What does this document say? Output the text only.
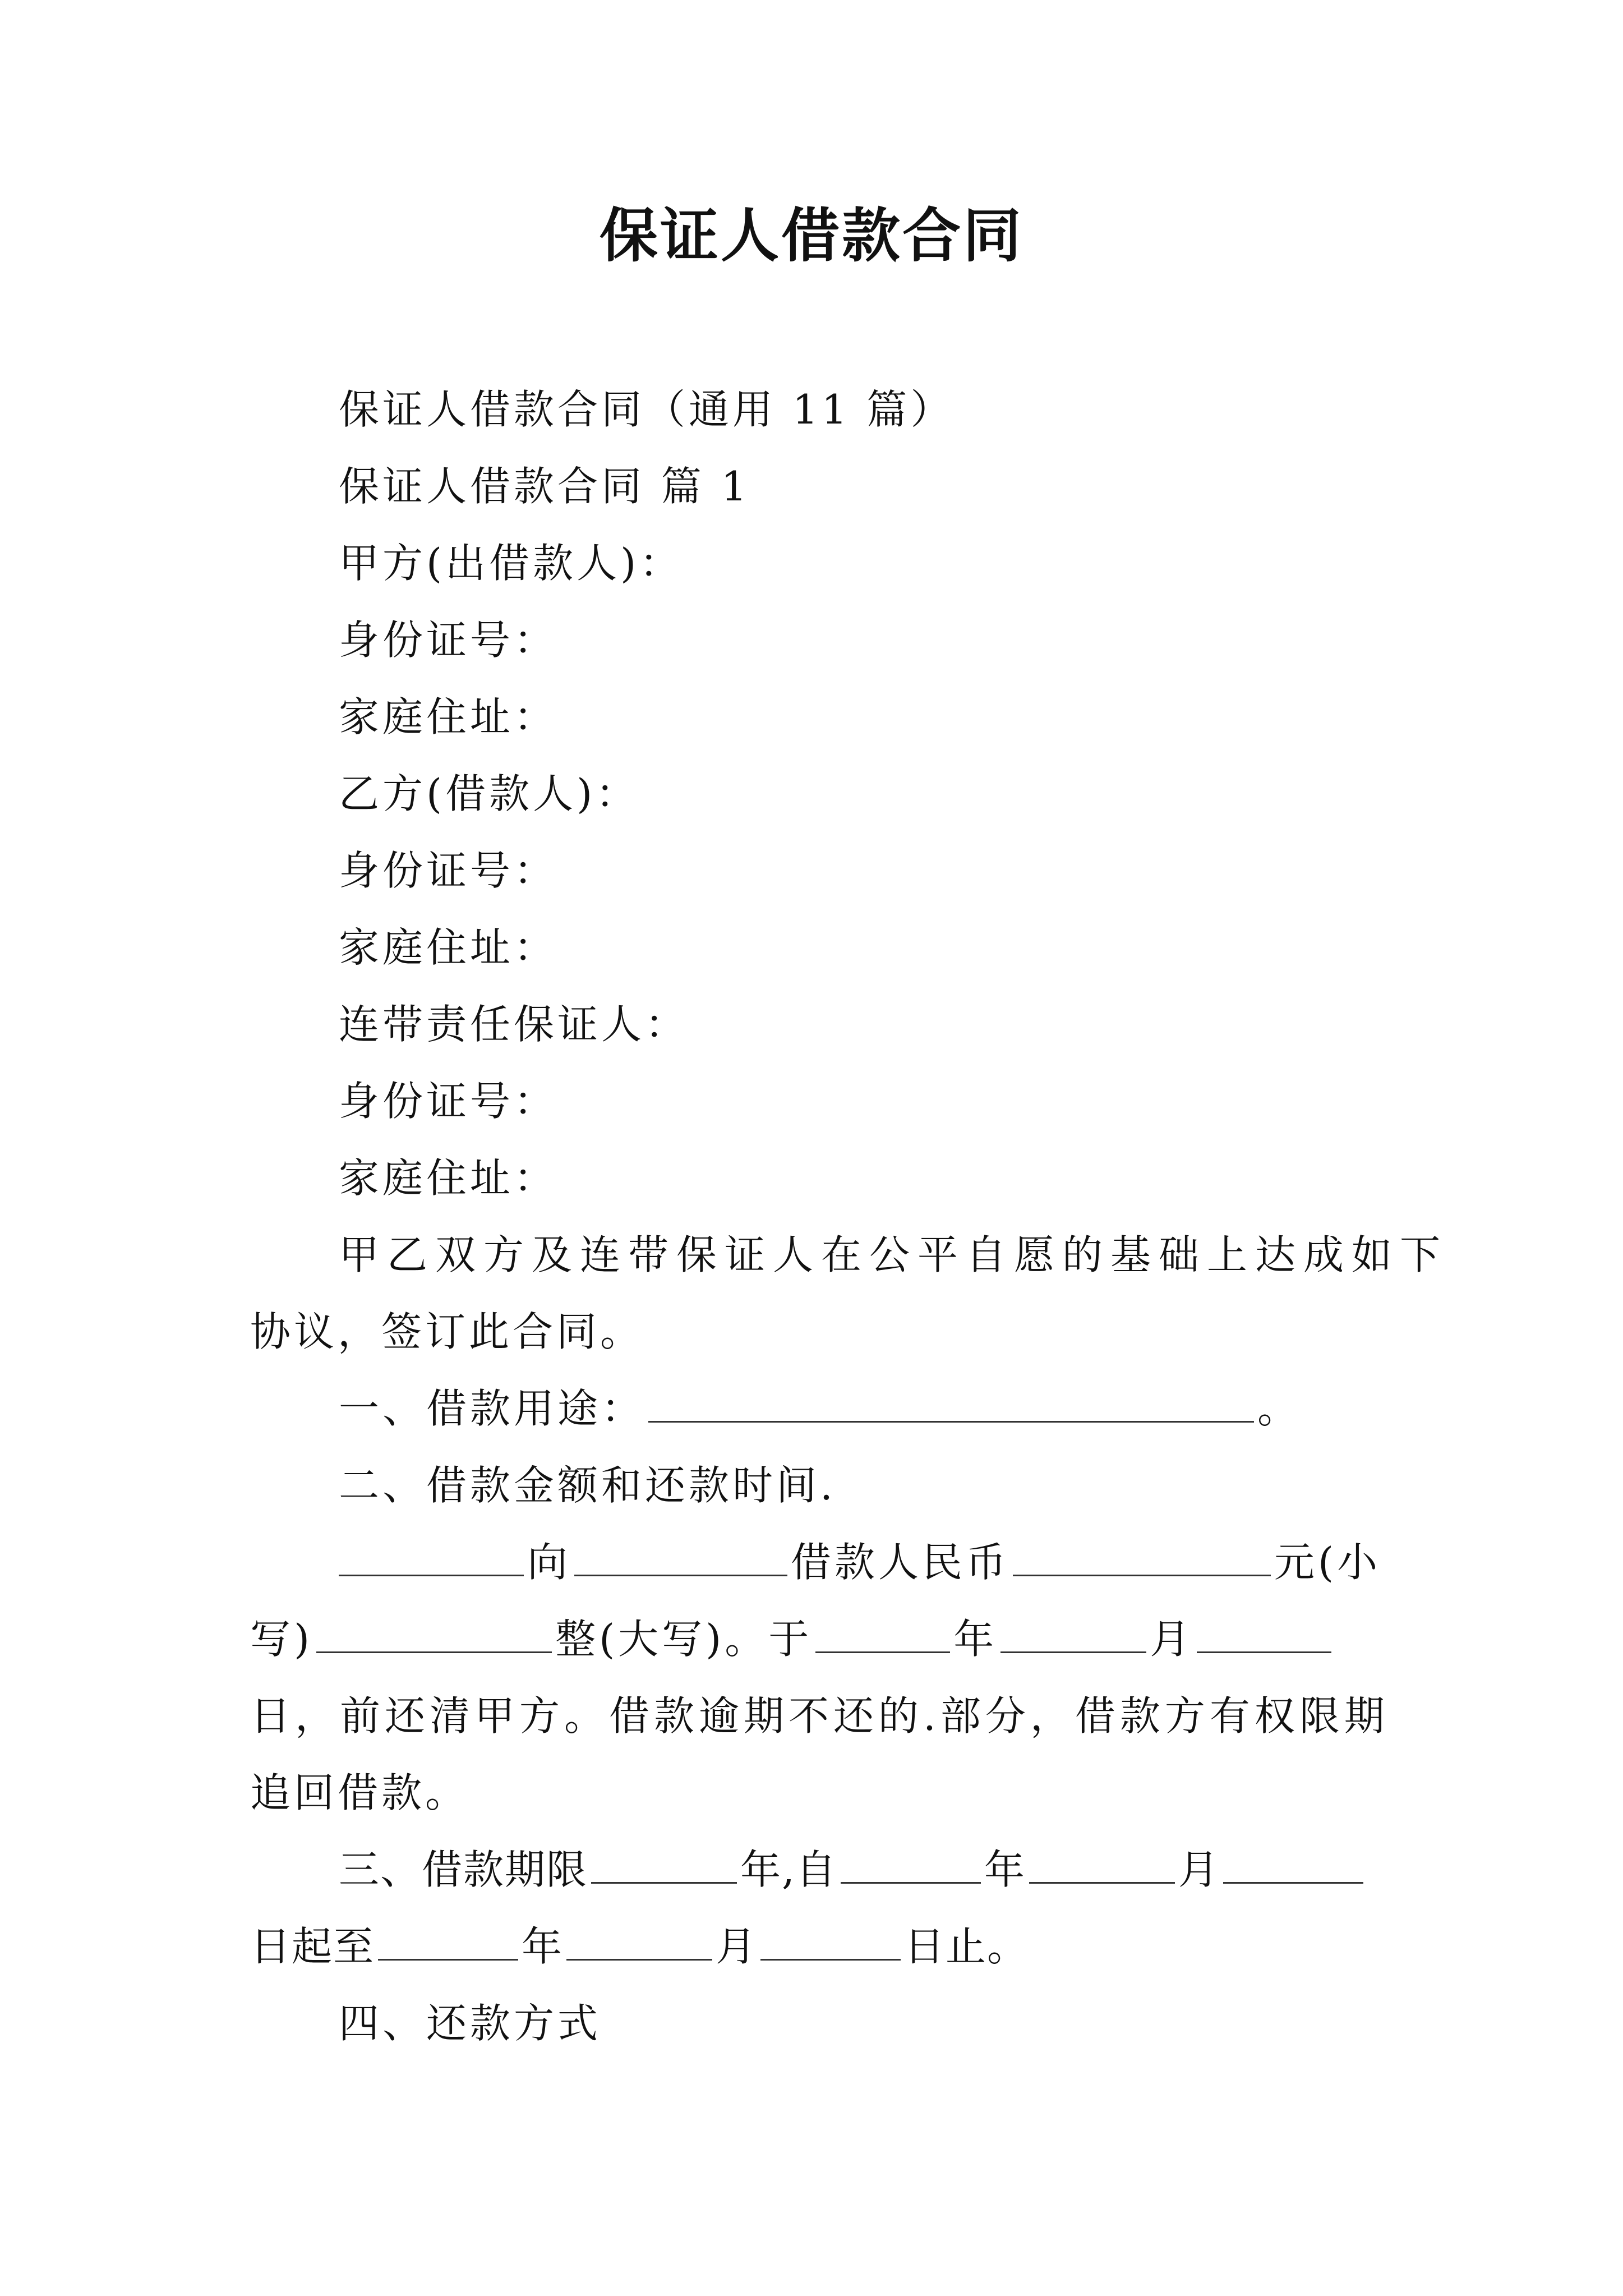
保证人借款合同
保证人借款合同（通用 11 篇）
保证人借款合同 篇 1
甲方(出借款人)：
身份证号：
家庭住址：
乙方(借款人)：
身份证号：
家庭住址：
连带责任保证人：
身份证号：
家庭住址：
甲乙双方及连带保证人在公平自愿的基础上达成如下
协议，签订此合同。
一、借款用途：	。
二、借款金额和还款时间.
向	借款人民币	元(小
写)	整(大写)。于	年	月
日，前还清甲方。借款逾期不还的.部分，借款方有权限期
追回借款。
三、借款期限	年,自	年	月
日起至	年	月	日止。
四、还款方式
